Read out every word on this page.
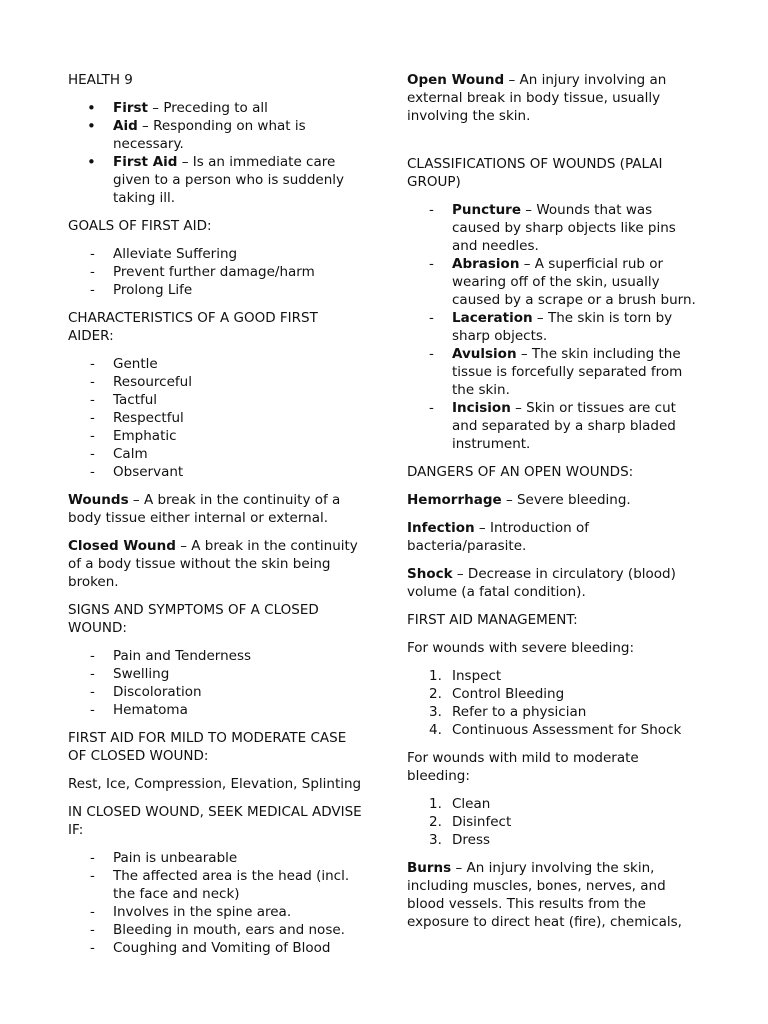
HEALTH 9

• First – Preceding to all
• Aid – Responding on what is necessary.
• First Aid – Is an immediate care given to a person who is suddenly taking ill.

GOALS OF FIRST AID:

- Alleviate Suffering
- Prevent further damage/harm
- Prolong Life

CHARACTERISTICS OF A GOOD FIRST AIDER:

- Gentle
- Resourceful
- Tactful
- Respectful
- Emphatic
- Calm
- Observant

Wounds – A break in the continuity of a body tissue either internal or external.

Closed Wound – A break in the continuity of a body tissue without the skin being broken.

SIGNS AND SYMPTOMS OF A CLOSED WOUND:

- Pain and Tenderness
- Swelling
- Discoloration
- Hematoma

FIRST AID FOR MILD TO MODERATE CASE OF CLOSED WOUND:

Rest, Ice, Compression, Elevation, Splinting

IN CLOSED WOUND, SEEK MEDICAL ADVISE IF:

- Pain is unbearable
- The affected area is the head (incl. the face and neck)
- Involves in the spine area.
- Bleeding in mouth, ears and nose.
- Coughing and Vomiting of Blood

Open Wound – An injury involving an external break in body tissue, usually involving the skin.

CLASSIFICATIONS OF WOUNDS (PALAI GROUP)

- Puncture – Wounds that was caused by sharp objects like pins and needles.
- Abrasion – A superficial rub or wearing off of the skin, usually caused by a scrape or a brush burn.
- Laceration – The skin is torn by sharp objects.
- Avulsion – The skin including the tissue is forcefully separated from the skin.
- Incision – Skin or tissues are cut and separated by a sharp bladed instrument.

DANGERS OF AN OPEN WOUNDS:

Hemorrhage – Severe bleeding.

Infection – Introduction of bacteria/parasite.

Shock – Decrease in circulatory (blood) volume (a fatal condition).

FIRST AID MANAGEMENT:

For wounds with severe bleeding:

1. Inspect
2. Control Bleeding
3. Refer to a physician
4. Continuous Assessment for Shock

For wounds with mild to moderate bleeding:

1. Clean
2. Disinfect
3. Dress

Burns – An injury involving the skin, including muscles, bones, nerves, and blood vessels. This results from the exposure to direct heat (fire), chemicals,
